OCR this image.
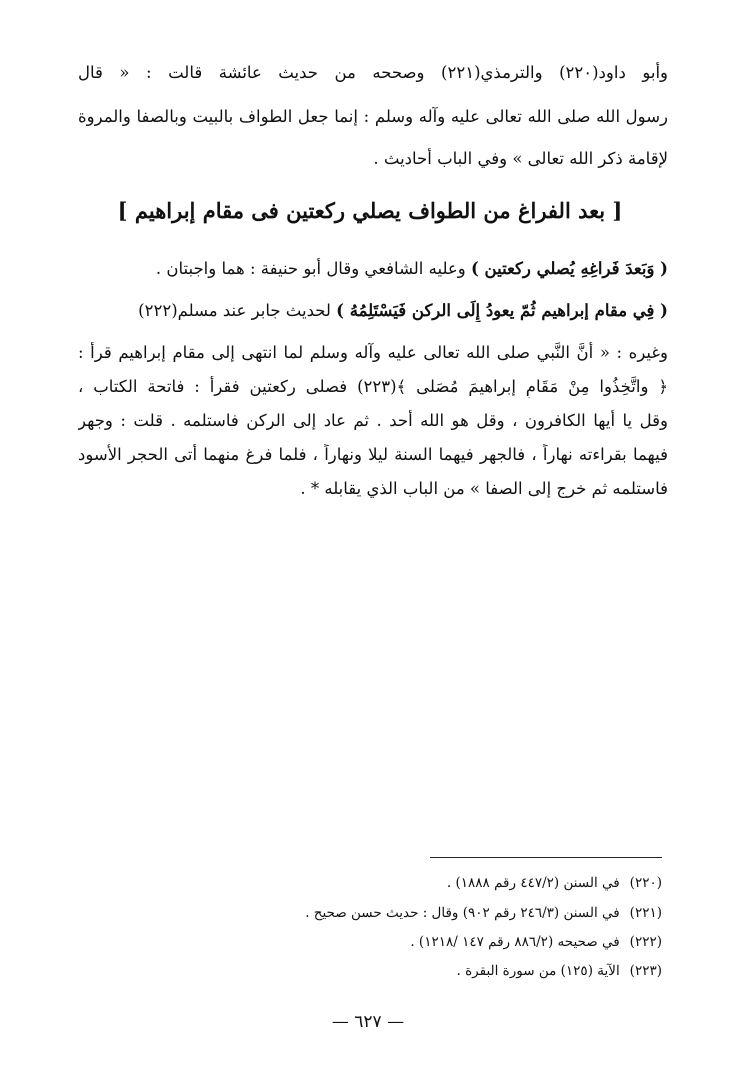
وأبو داود(٢٢٠) والترمذي(٢٢١) وصححه من حديث عائشة قالت : « قال
رسول الله صلى الله تعالى عليه وآله وسلم : إنما جعل الطواف بالبيت وبالصفا والمروة
لإقامة ذكر الله تعالى » وفي الباب أحاديث .
[ بعد الفراغ من الطواف يصلي ركعتين فى مقام إبراهيم ]
( وَبَعدَ فَراغِهِ يُصلي ركعتين ) وعليه الشافعي وقال أبو حنيفة : هما واجبتان .
( فِي مقام إبراهيم ثُمّ يعودُ إِلَى الركن فَيَسْتَلِمُهُ ) لحديث جابر عند مسلم(٢٢٢)
وغيره : « أنَّ النَّبي صلى الله تعالى عليه وآله وسلم لما انتهى إلى مقام إبراهيم قرأ :
﴿ واتَّخِذُوا مِنْ مَقَامِ إبراهيمَ مُصَلى ﴾(٢٢٣) فصلى ركعتين فقرأ : فاتحة الكتاب ،
وقل يا أيها الكافرون ، وقل هو الله أحد . ثم عاد إلى الركن فاستلمه . قلت : وجهر
فيهما بقراءته نهاراً ، فالجهر فيهما السنة ليلا ونهاراً ، فلما فرغ منهما أتى الحجر الأسود
فاستلمه ثم خرج إلى الصفا » من الباب الذي يقابله * .
(٢٢٠) في السنن (٤٤٧/٢ رقم ١٨٨٨) .
(٢٢١) في السنن (٢٤٦/٣ رقم ٩٠٢) وقال : حديث حسن صحيح .
(٢٢٢) في صحيحه (٨٨٦/٢ رقم ١٤٧ /١٢١٨) .
(٢٢٣) الآية (١٢٥) من سورة البقرة .
— ٦٢٧ —
